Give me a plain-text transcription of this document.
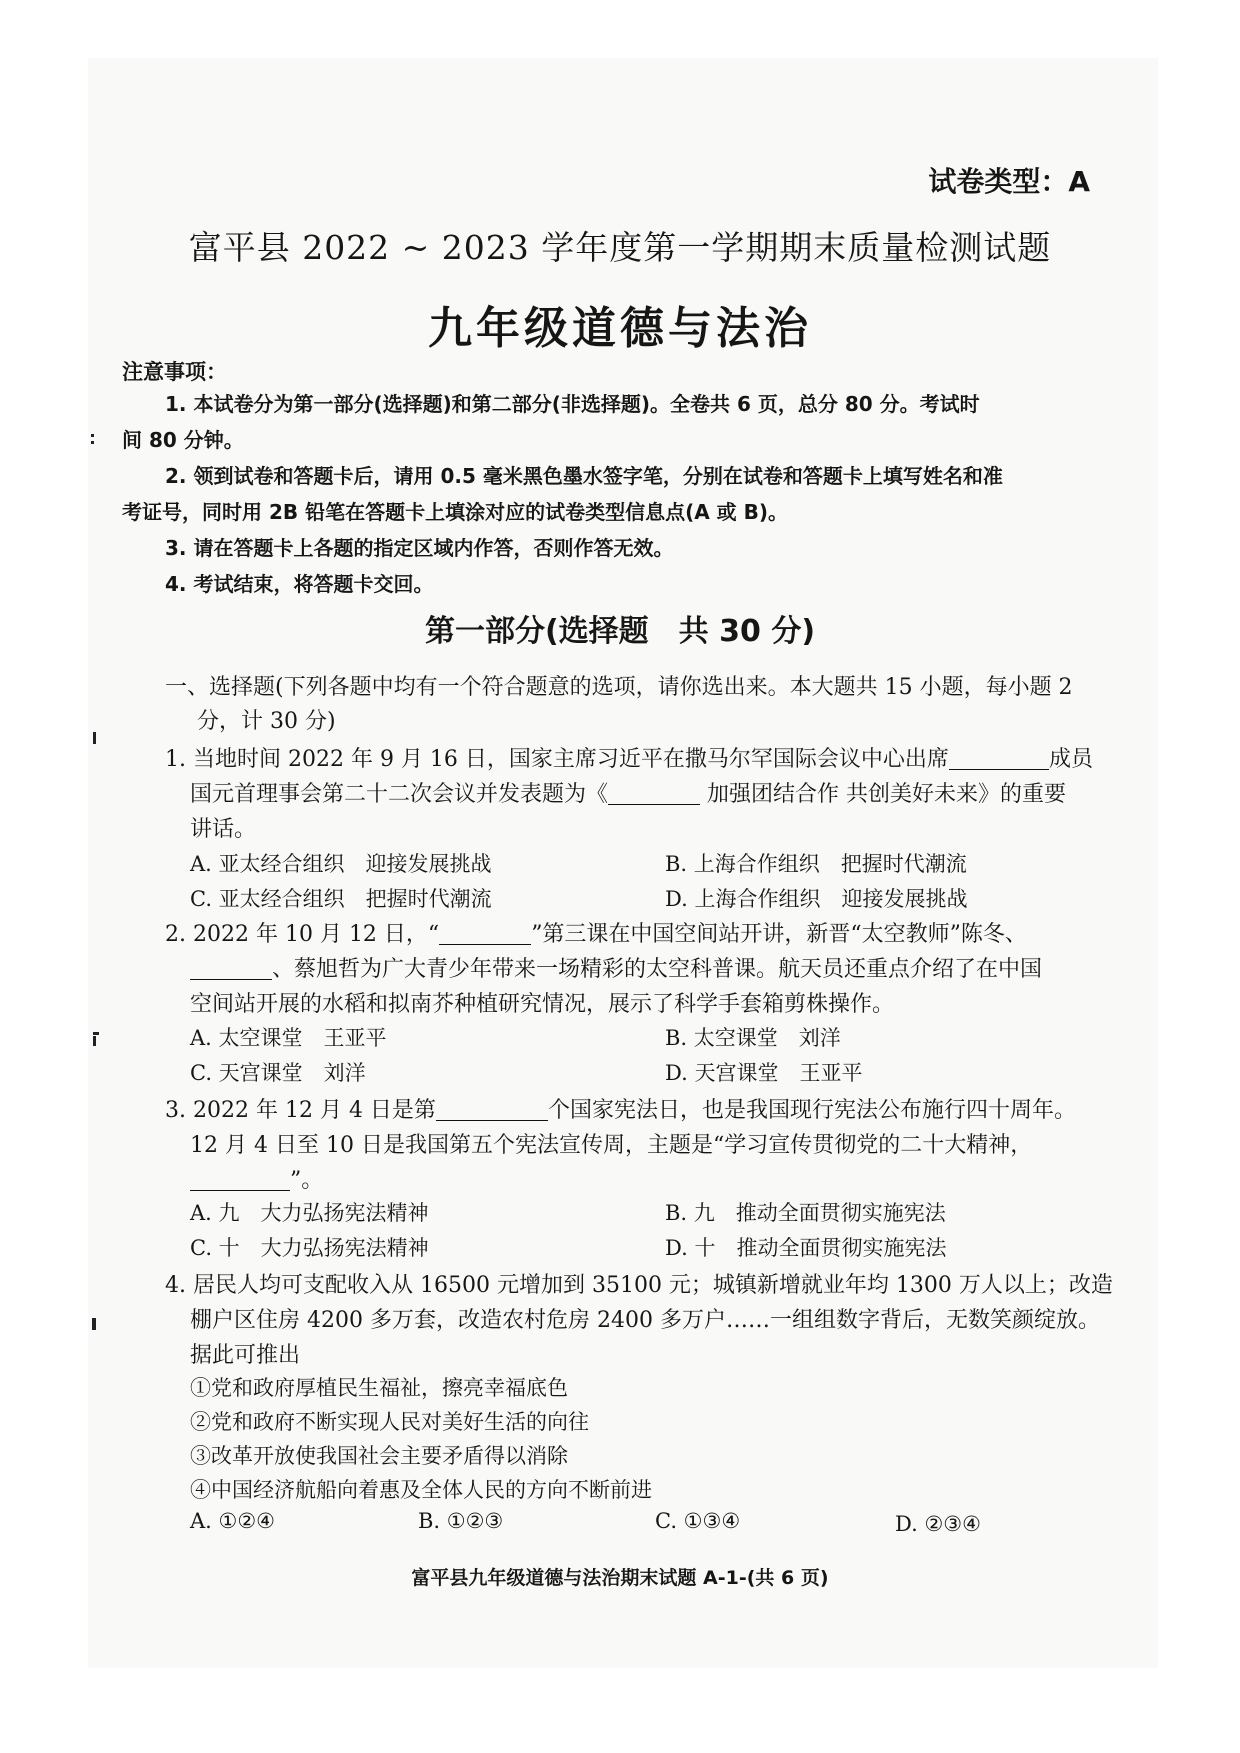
试卷类型：A
富平县 2022 ~ 2023 学年度第一学期期末质量检测试题
九年级道德与法治
注意事项：
1. 本试卷分为第一部分(选择题)和第二部分(非选择题)。全卷共 6 页，总分 80 分。考试时
间 80 分钟。
2. 领到试卷和答题卡后，请用 0.5 毫米黑色墨水签字笔，分别在试卷和答题卡上填写姓名和准
考证号，同时用 2B 铅笔在答题卡上填涂对应的试卷类型信息点(A 或 B)。
3. 请在答题卡上各题的指定区域内作答，否则作答无效。
4. 考试结束，将答题卡交回。
第一部分(选择题　共 30 分)
一、选择题(下列各题中均有一个符合题意的选项，请你选出来。本大题共 15 小题，每小题 2
分，计 30 分)
1. 当地时间 2022 年 9 月 16 日，国家主席习近平在撒马尔罕国际会议中心出席	成员
国元首理事会第二十二次会议并发表题为《	加强团结合作 共创美好未来》的重要
讲话。
A. 亚太经合组织　迎接发展挑战	B. 上海合作组织　把握时代潮流
C. 亚太经合组织　把握时代潮流	D. 上海合作组织　迎接发展挑战
2. 2022 年 10 月 12 日，“	”第三课在中国空间站开讲，新晋“太空教师”陈冬、
、蔡旭哲为广大青少年带来一场精彩的太空科普课。航天员还重点介绍了在中国
空间站开展的水稻和拟南芥种植研究情况，展示了科学手套箱剪株操作。
A. 太空课堂　王亚平	B. 太空课堂　刘洋
C. 天宫课堂　刘洋	D. 天宫课堂　王亚平
3. 2022 年 12 月 4 日是第	个国家宪法日，也是我国现行宪法公布施行四十周年。
12 月 4 日至 10 日是我国第五个宪法宣传周，主题是“学习宣传贯彻党的二十大精神，
”。
A. 九　大力弘扬宪法精神	B. 九　推动全面贯彻实施宪法
C. 十　大力弘扬宪法精神	D. 十　推动全面贯彻实施宪法
4. 居民人均可支配收入从 16500 元增加到 35100 元；城镇新增就业年均 1300 万人以上；改造
棚户区住房 4200 多万套，改造农村危房 2400 多万户……一组组数字背后，无数笑颜绽放。
据此可推出
①党和政府厚植民生福祉，擦亮幸福底色
②党和政府不断实现人民对美好生活的向往
③改革开放使我国社会主要矛盾得以消除
④中国经济航船向着惠及全体人民的方向不断前进
A. ①②④	B. ①②③	C. ①③④	D. ②③④
富平县九年级道德与法治期末试题 A-1-(共 6 页)
